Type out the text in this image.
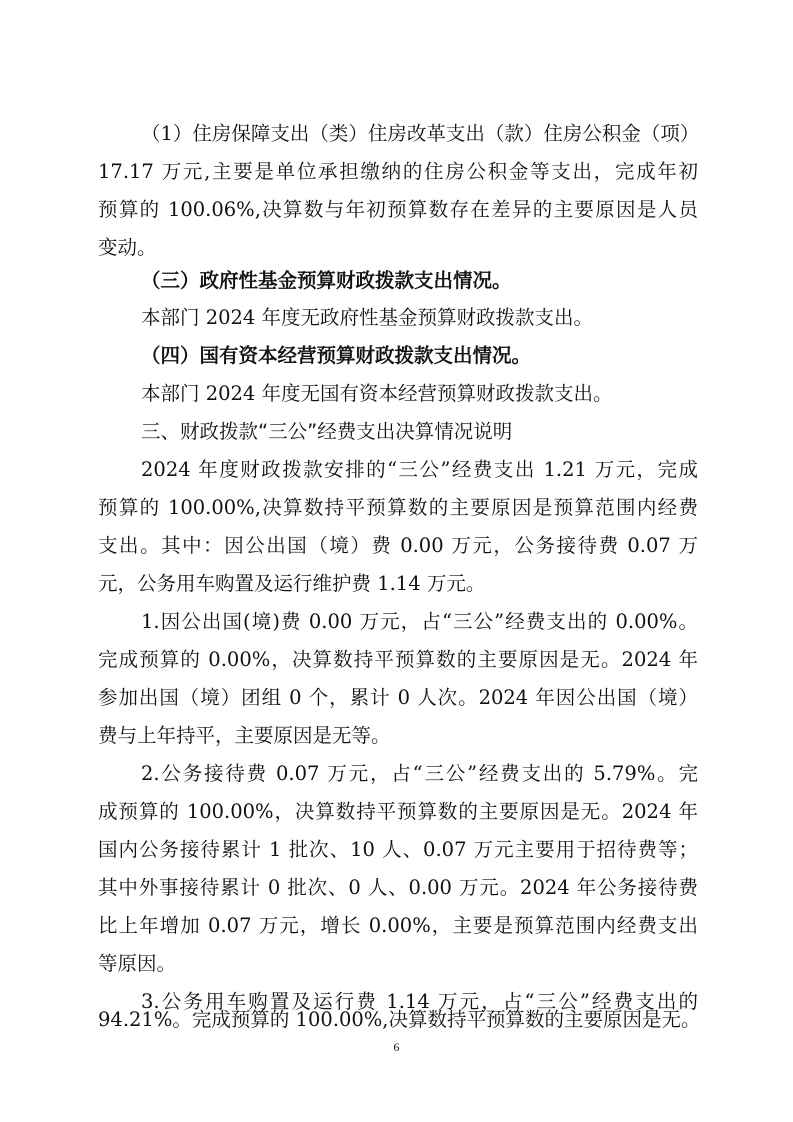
（1）住房保障支出（类）住房改革支出（款）住房公积金（项）
17.17 万元,主要是单位承担缴纳的住房公积金等支出，完成年初
预算的 100.06%,决算数与年初预算数存在差异的主要原因是人员
变动。
（三）政府性基金预算财政拨款支出情况。
本部门 2024 年度无政府性基金预算财政拨款支出。
（四）国有资本经营预算财政拨款支出情况。
本部门 2024 年度无国有资本经营预算财政拨款支出。
三、财政拨款“三公”经费支出决算情况说明
2024 年度财政拨款安排的“三公”经费支出 1.21 万元，完成
预算的 100.00%,决算数持平预算数的主要原因是预算范围内经费
支出。其中：因公出国（境）费 0.00 万元，公务接待费 0.07 万
元，公务用车购置及运行维护费 1.14 万元。
1.因公出国(境)费 0.00 万元，占“三公”经费支出的 0.00%。
完成预算的 0.00%，决算数持平预算数的主要原因是无。2024 年
参加出国（境）团组 0 个，累计 0 人次。2024 年因公出国（境）
费与上年持平，主要原因是无等。
2.公务接待费 0.07 万元，占“三公”经费支出的 5.79%。完
成预算的 100.00%，决算数持平预算数的主要原因是无。2024 年
国内公务接待累计 1 批次、10 人、0.07 万元主要用于招待费等；
其中外事接待累计 0 批次、0 人、0.00 万元。2024 年公务接待费
比上年增加 0.07 万元，增长 0.00%，主要是预算范围内经费支出
等原因。
3.公务用车购置及运行费 1.14 万元，占“三公”经费支出的
94.21%。完成预算的 100.00%,决算数持平预算数的主要原因是无。
6
